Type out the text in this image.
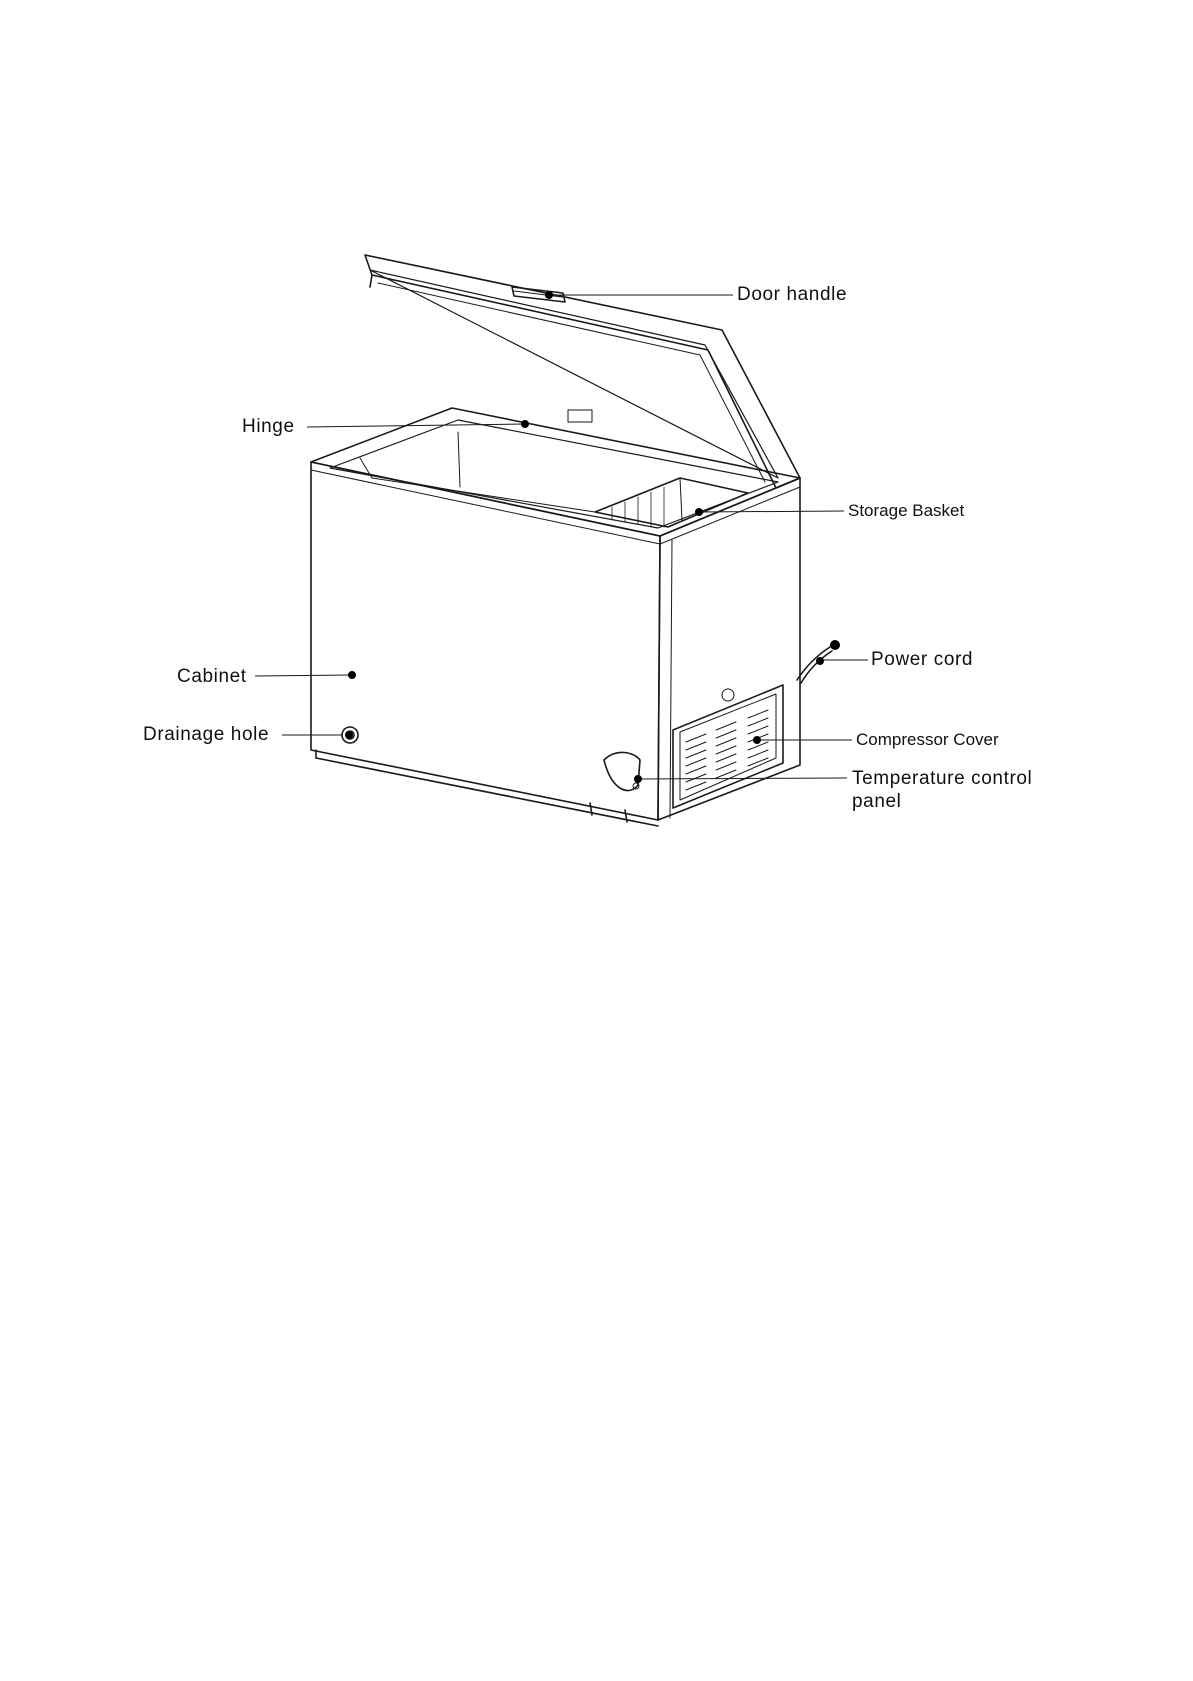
Door handle
Hinge
Storage Basket
Power cord
Cabinet
Drainage hole	Compressor Cover
Temperature control
panel
